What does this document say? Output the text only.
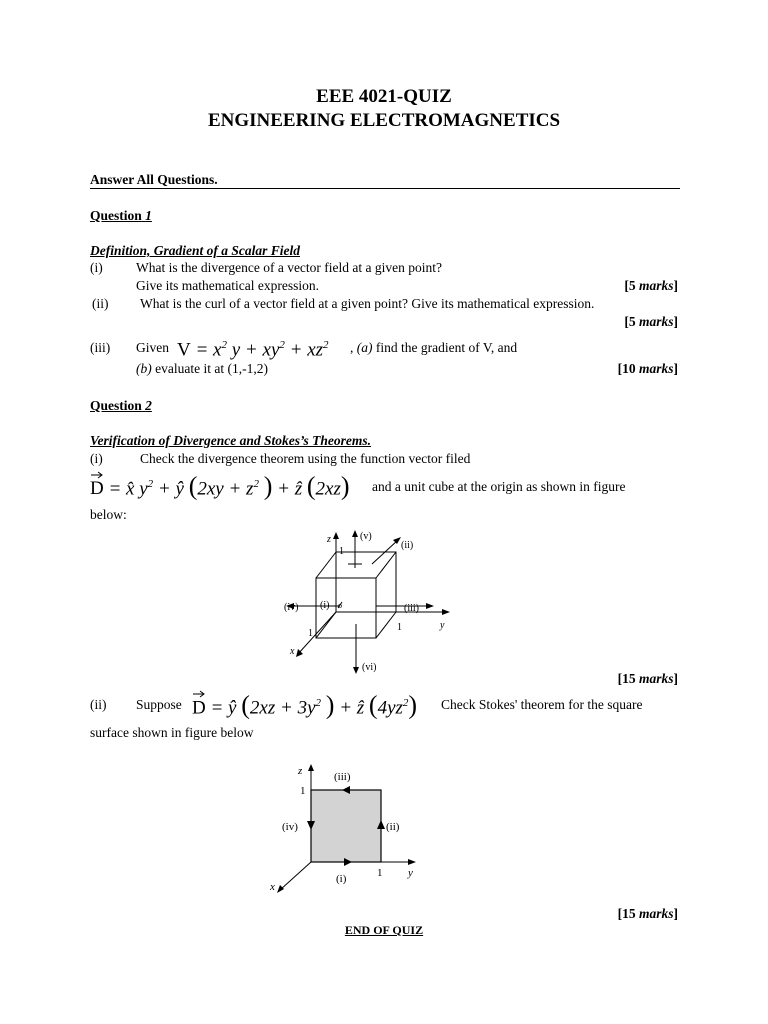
EEE 4021-QUIZ
ENGINEERING ELECTROMAGNETICS
Answer All Questions.
Question 1
Definition, Gradient of a Scalar Field
(i) What is the divergence of a vector field at a given point?
Give its mathematical expression.	[5 marks]
(ii) What is the curl of a vector field at a given point? Give its mathematical expression.
[5 marks]
(iii) Given $V = x^2$ $y + xy^2 + xz^2$ , (a) find the gradient of V, and
(b) evaluate it at (1,-1,2)	[10 marks]
Question 2
Verification of Divergence and Stokes’s Theorems.
(i)	Check the divergence theorem using the function vector filed
D = x̂ $y^2$ + ŷ ($2xy + z^2$ ) + ẑ (2xz) and a unit cube at the origin as shown in figure
below:
z
y
x
1
1
1
o
(i)
(ii)
(iii)
(iv)
(v)
(vi)
[15 marks]
(ii) Suppose D = ŷ ($2xz + 3y^2$ ) + ẑ $(4yz^2)$ Check Stokes' theorem for the square
surface shown in figure below
z
y
x
1
1
(i)
(ii)
(iii)
(iv)
[15 marks]
END OF QUIZ
